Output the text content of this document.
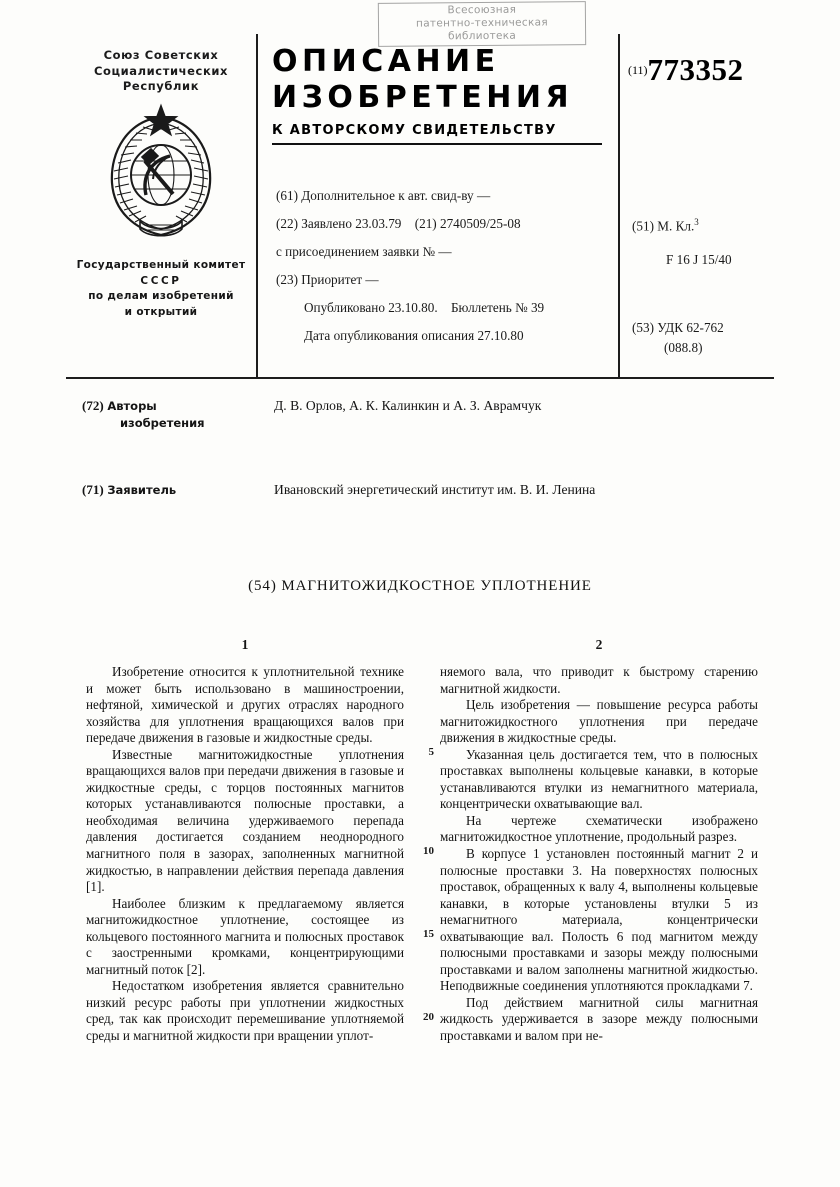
Всесоюзная
патентно-техническая
библиотека
Союз Советских
Социалистических
Республик
Государственный комитет
СССР
по делам изобретений
и открытий
ОПИСАНИЕ
ИЗОБРЕТЕНИЯ
К АВТОРСКОМУ СВИДЕТЕЛЬСТВУ
$^{(11)}$773352
(61) Дополнительное к авт. свид-ву —
(22) Заявлено 23.03.79 (21) 2740509/25-08
с присоединением заявки № —
(23) Приоритет —
Опубликовано 23.10.80. Бюллетень № 39
Дата опубликования описания 27.10.80
(51) М. Кл.$^3$
F 16 J 15/40
(53) УДК 62-762
(088.8)
(72) Авторы
изобретения
Д. В. Орлов, А. К. Калинкин и А. З. Аврамчук
(71) Заявитель	Ивановский энергетический институт им. В. И. Ленина
(54) МАГНИТОЖИДКОСТНОЕ УПЛОТНЕНИЕ
1	2

Изобретение относится к уплотнительной технике и может быть использовано в машиностроении, нефтяной, химической и других отраслях народного хозяйства для уплотнения вращающихся валов при передаче движения в газовые и жидкостные среды.

Известные магнитожидкостные уплотнения вращающихся валов при передачи движения в газовые и жидкостные среды, с торцов постоянных магнитов которых устанавливаются полюсные проставки, а необходимая величина удерживаемого перепада давления достигается созданием неоднородного магнитного поля в зазорах, заполненных магнитной жидкостью, в направлении действия перепада давления [1].

Наиболее близким к предлагаемому является магнитожидкостное уплотнение, состоящее из кольцевого постоянного магнита и полюсных проставок с заостренными кромками, концентрирующими магнитный поток [2].

Недостатком изобретения является сравнительно низкий ресурс работы при уплотнении жидкостных сред, так как происходит перемешивание уплотняемой среды и магнитной жидкости при вращении уплот-

няемого вала, что приводит к быстрому старению магнитной жидкости.

Цель изобретения — повышение ресурса работы магнитожидкостного уплотнения при передаче движения в жидкостные среды.

Указанная цель достигается тем, что в полюсных проставках выполнены кольцевые канавки, в которые устанавливаются втулки из немагнитного материала, концентрически охватывающие вал.

На чертеже схематически изображено магнитожидкостное уплотнение, продольный разрез.

В корпусе 1 установлен постоянный магнит 2 и полюсные проставки 3. На поверхностях полюсных проставок, обращенных к валу 4, выполнены кольцевые канавки, в которые установлены втулки 5 из немагнитного материала, концентрически охватывающие вал. Полость 6 под магнитом между полюсными проставками и зазоры между полюсными проставками и валом заполнены магнитной жидкостью. Неподвижные соединения уплотняются прокладками 7.

Под действием магнитной силы магнитная жидкость удерживается в зазоре между полюсными проставками и валом при не-

5
10
15
20
